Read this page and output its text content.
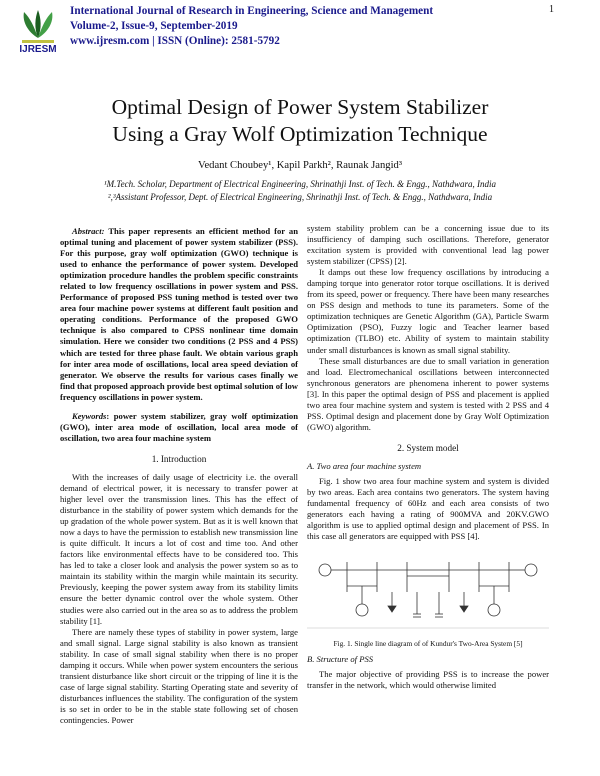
IJRESM
International Journal of Research in Engineering, Science and Management
Volume-2, Issue-9, September-2019
www.ijresm.com | ISSN (Online): 2581-5792
1
Optimal Design of Power System Stabilizer
Using a Gray Wolf Optimization Technique
Vedant Choubey¹, Kapil Parkh², Raunak Jangid³
¹M.Tech. Scholar, Department of Electrical Engineering, Shrinathji Inst. of Tech. & Engg., Nathdwara, India
²,³Assistant Professor, Dept. of Electrical Engineering, Shrinathji Inst. of Tech. & Engg., Nathdwara, India

Abstract: This paper represents an efficient method for an optimal tuning and placement of power system stabilizer (PSS). For this purpose, gray wolf optimization (GWO) technique is used to enhance the performance of power system. Developed optimization procedure handles the problem specific constraints related to low frequency oscillations in power system and PSS. Performance of proposed PSS tuning method is tested over two area four machine power systems at different fault position and operating conditions. Performance of the proposed GWO technique is also compared to CPSS nonlinear time domain simulation. Here we consider two conditions (2 PSS and 4 PSS) which are tested for three phase fault. We obtain various graph for inter area mode of oscillations, local area speed deviation of generator. We observe the results for various cases finally we find that proposed approach provide best optimal solution of low frequency oscillations in power system.

Keywords: power system stabilizer, gray wolf optimization (GWO), inter area mode of oscillation, local area mode of oscillation, two area four machine system

1. Introduction

With the increases of daily usage of electricity i.e. the overall demand of electrical power, it is necessary to transfer power at higher level over the transmission lines. This has the effect of disturbance in the stability of power system which demands for the up gradation of the whole power system. But as it is well known that now a days to have the permission to establish new transmission line is quite difficult. It incurs a lot of cost and time too. And other factors like environmental effects have to be considered too. This has led to take a closer look and analysis the power system so as to maintain its stability within the margin while maintain its security. Previously, keeping the power system away from its stability limits ensure the better dynamic control over the whole system. Other studies were also carried out in the area so as to address the problem stability [1].

There are namely these types of stability in power system, large and small signal. Large signal stability is also known as transient stability. In case of small signal stability when there is no proper damping it occurs. While when power system encounters the serious transient disturbance like short circuit or the tripping of line it is the case of large signal stability. Starting Operating state and severity of disturbances influences the stability. The configuration of the system is so set in order to be in the stable state following set of chosen contingencies. Power

system stability problem can be a concerning issue due to its insufficiency of damping such oscillations. Therefore, generator excitation system is provided with conventional lead lag power system stabilizer (CPSS) [2].

It damps out these low frequency oscillations by introducing a damping torque into generator rotor torque oscillations. It is derived from its speed, power or frequency. There have been many researches on PSS design and methods to tune its parameters. Some of the optimization techniques are Genetic Algorithm (GA), Particle Swarm Optimization (PSO), Fuzzy logic and Teacher learner based optimization (TLBO) etc. Ability of system to maintain stability under small disturbances is known as small signal stability.

These small disturbances are due to small variation in generation and load. Electromechanical oscillations between interconnected synchronous generators are phenomena inherent to power systems [3]. In this paper the optimal design of PSS and placement is applied two area four machine system and system is tested with 2 PSS and 4 PSS. Optimal design and placement done by Gray Wolf Optimization (GWO) algorithm.

2. System model

A. Two area four machine system

Fig. 1 show two area four machine system and system is divided by two areas. Each area contains two generators. The system having fundamental frequency of 60Hz and each area consists of two generators each having a rating of 900MVA and 20KV.GWO algorithm is use to applied optimal design and placement of PSS. In this case all generators are equipped with PSS [4].

Fig. 1. Single line diagram of of Kundur's Two-Area System [5]

B. Structure of PSS

The major objective of providing PSS is to increase the power transfer in the network, which would otherwise limited
